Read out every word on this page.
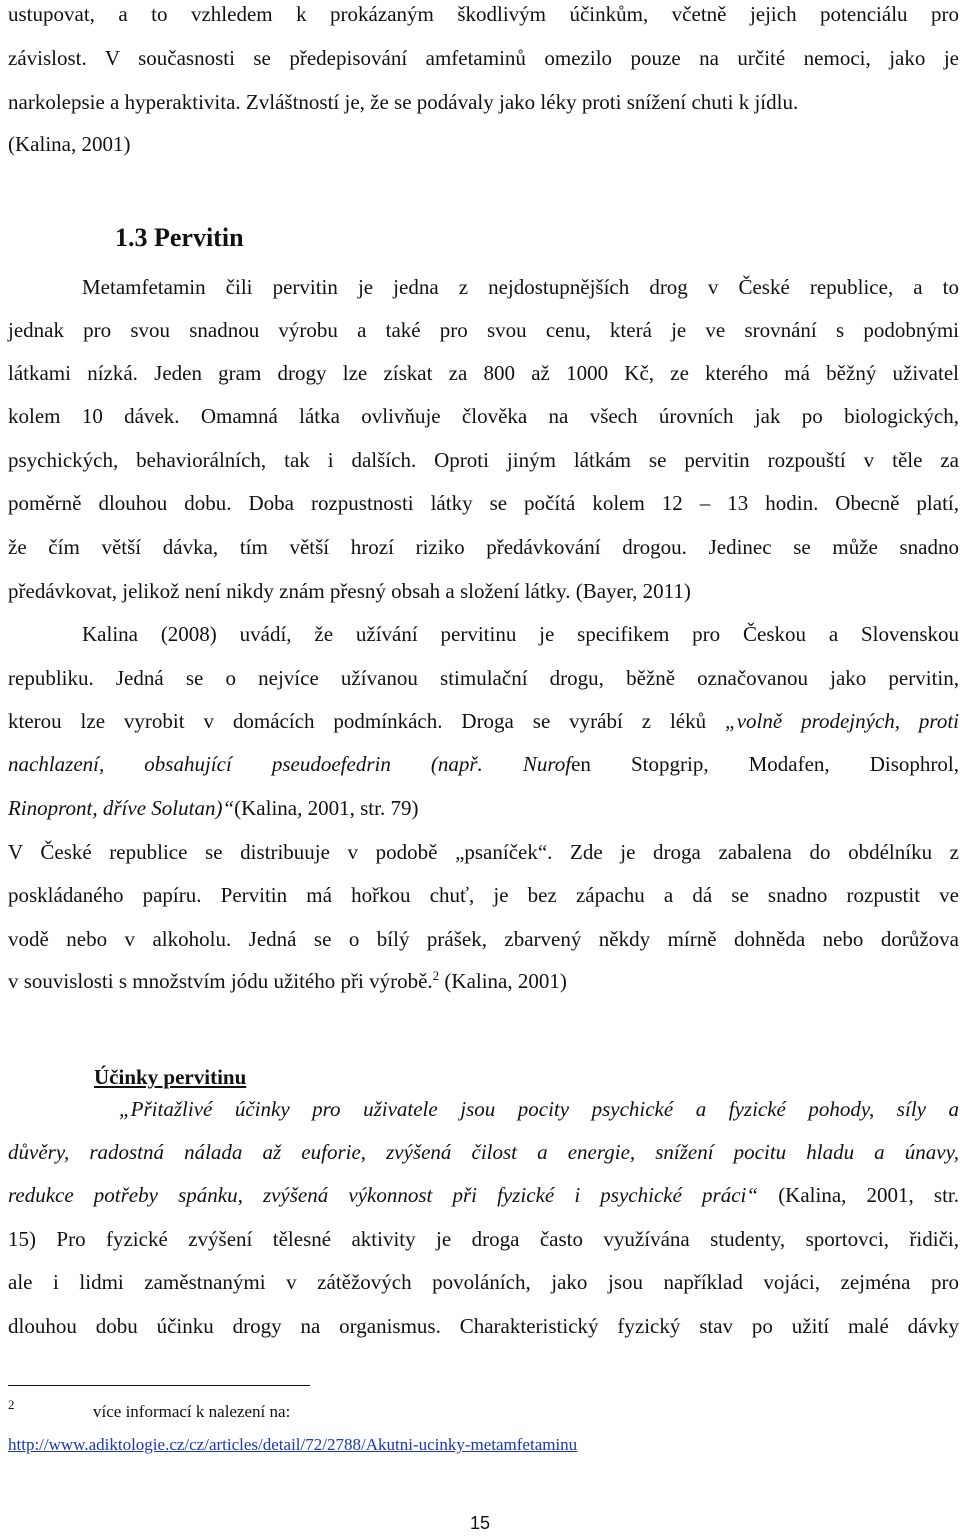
ustupovat, a to vzhledem k prokázaným škodlivým účinkům, včetně jejich potenciálu pro
závislost. V současnosti se předepisování amfetaminů omezilo pouze na určité nemoci, jako je
narkolepsie a hyperaktivita. Zvláštností je, že se podávaly jako léky proti snížení chuti k jídlu.
(Kalina, 2001)
1.3 Pervitin
Metamfetamin čili pervitin je jedna z nejdostupnějších drog v České republice, a to
jednak pro svou snadnou výrobu a také pro svou cenu, která je ve srovnání s podobnými
látkami nízká. Jeden gram drogy lze získat za 800 až 1000 Kč, ze kterého má běžný uživatel
kolem 10 dávek. Omamná látka ovlivňuje člověka na všech úrovních jak po biologických,
psychických, behaviorálních, tak i dalších. Oproti jiným látkám se pervitin rozpouští v těle za
poměrně dlouhou dobu. Doba rozpustnosti látky se počítá kolem 12 – 13 hodin. Obecně platí,
že čím větší dávka, tím větší hrozí riziko předávkování drogou. Jedinec se může snadno
předávkovat, jelikož není nikdy znám přesný obsah a složení látky. (Bayer, 2011)
Kalina (2008) uvádí, že užívání pervitinu je specifikem pro Českou a Slovenskou
republiku. Jedná se o nejvíce užívanou stimulační drogu, běžně označovanou jako pervitin,
kterou lze vyrobit v domácích podmínkách. Droga se vyrábí z léků „volně prodejných, proti
nachlazení, obsahující pseudoefedrin (např. Nurofen Stopgrip, Modafen, Disophrol,
Rinopront, dříve Solutan)“(Kalina, 2001, str. 79)
V České republice se distribuuje v podobě „psaníček“. Zde je droga zabalena do obdélníku z
poskládaného papíru. Pervitin má hořkou chuť, je bez zápachu a dá se snadno rozpustit ve
vodě nebo v alkoholu. Jedná se o bílý prášek, zbarvený někdy mírně dohněda nebo dorůžova
v souvislosti s množstvím jódu užitého při výrobě.$^2$ (Kalina, 2001)
Účinky pervitinu
„Přitažlivé účinky pro uživatele jsou pocity psychické a fyzické pohody, síly a
důvěry, radostná nálada až euforie, zvýšená čilost a energie, snížení pocitu hladu a únavy,
redukce potřeby spánku, zvýšená výkonnost při fyzické i psychické práci“ (Kalina, 2001, str.
15) Pro fyzické zvýšení tělesné aktivity je droga často využívána studenty, sportovci, řidiči,
ale i lidmi zaměstnanými v zátěžových povoláních, jako jsou například vojáci, zejména pro
dlouhou dobu účinku drogy na organismus. Charakteristický fyzický stav po užití malé dávky
2	více informací k nalezení na:
http://www.adiktologie.cz/cz/articles/detail/72/2788/Akutni-ucinky-metamfetaminu
15
